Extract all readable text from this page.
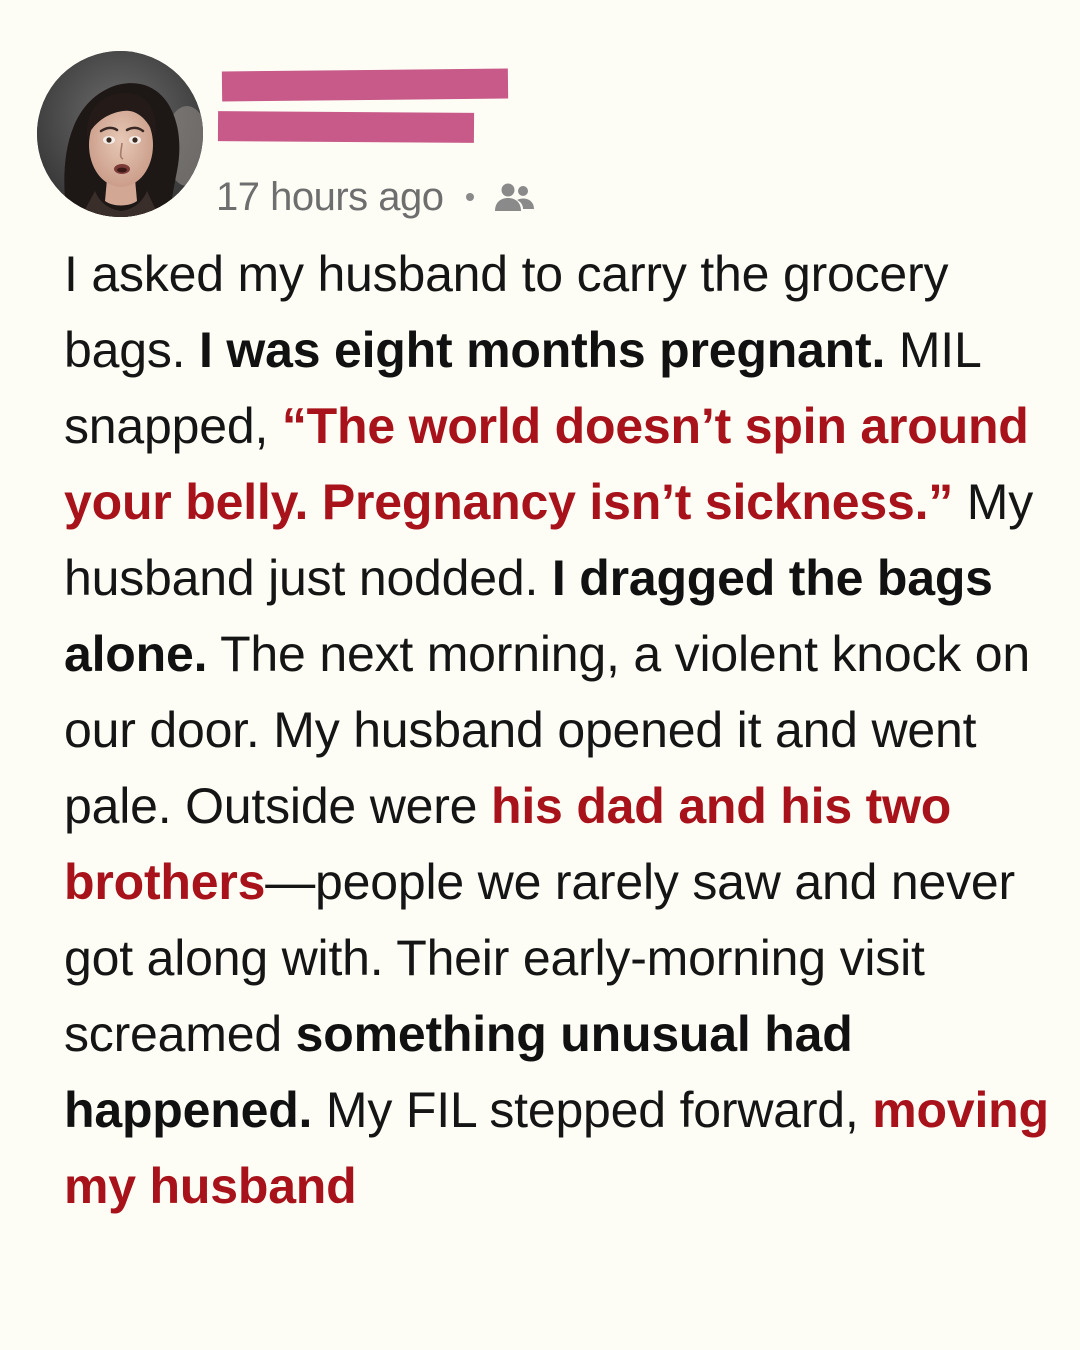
17 hours ago

I asked my husband to carry the grocery bags. I was eight months pregnant. MIL snapped, “The world doesn’t spin around your belly. Pregnancy isn’t sickness.” My husband just nodded. I dragged the bags alone. The next morning, a violent knock on our door. My husband opened it and went pale. Outside were his dad and his two brothers—people we rarely saw and never got along with. Their early-morning visit screamed something unusual had happened. My FIL stepped forward, moving my husband
